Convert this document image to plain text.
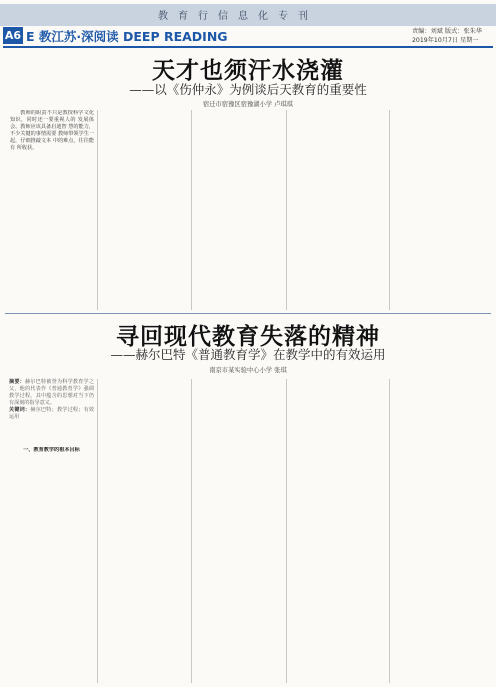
教育行信息化专刊
A6 E 教江苏·深阅读 DEEP READING	责编：刘斌 版式：张朱华
2019年10月7日 星期一
天才也须汗水浇灌
——以《伤仲永》为例谈后天教育的重要性
宿迁市宿豫区宿豫湖小学 卢琪琪

教师的职责不只是教授科学文化知识，同时还一要重视人的 发展体会、教师应该具备启迪智 慧的能力，不少关键的事情需要 教师带领学生一起，仔细推敲文本 中的难点，往往能有 所收获。

寻回现代教育失落的精神
——赫尔巴特《普通教育学》在教学中的有效运用
南京市某实验中心小学 张琪
摘要：赫尔巴特被誉为科学教育学之父，他的代表作《普通教育学》强调教学过程，其中蕴含的思想对当下仍有深刻的指导意义。
关键词：赫尔巴特；教学过程；有效运用

一、教育教学的根本目标
